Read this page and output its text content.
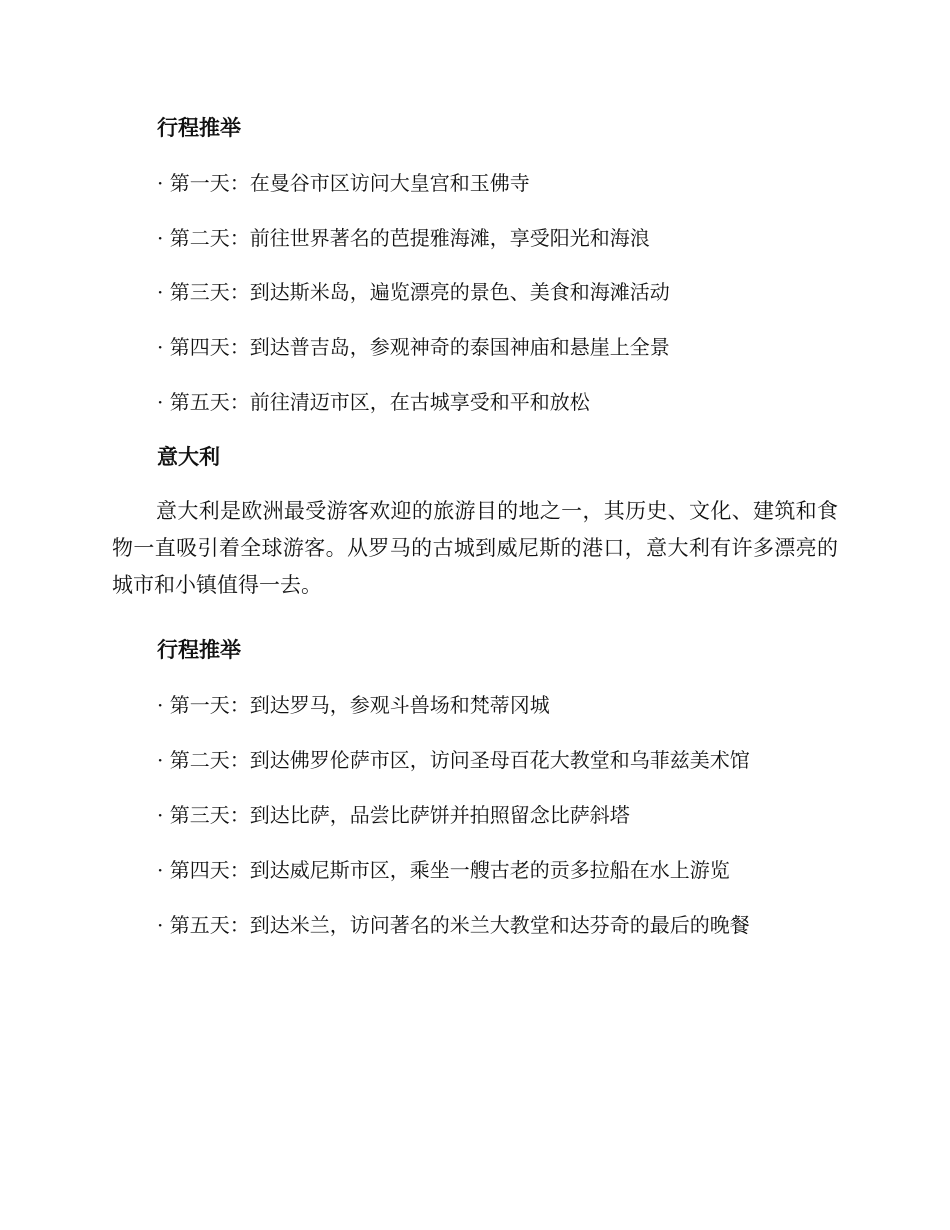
行程推举
· 第一天：在曼谷市区访问大皇宫和玉佛寺
· 第二天：前往世界著名的芭提雅海滩，享受阳光和海浪
· 第三天：到达斯米岛，遍览漂亮的景色、美食和海滩活动
· 第四天：到达普吉岛，参观神奇的泰国神庙和悬崖上全景
· 第五天：前往清迈市区，在古城享受和平和放松
意大利
意大利是欧洲最受游客欢迎的旅游目的地之一，其历史、文化、建筑和食物一直吸引着全球游客。从罗马的古城到威尼斯的港口，意大利有许多漂亮的城市和小镇值得一去。
行程推举
· 第一天：到达罗马，参观斗兽场和梵蒂冈城
· 第二天：到达佛罗伦萨市区，访问圣母百花大教堂和乌菲兹美术馆
· 第三天：到达比萨，品尝比萨饼并拍照留念比萨斜塔
· 第四天：到达威尼斯市区，乘坐一艘古老的贡多拉船在水上游览
· 第五天：到达米兰，访问著名的米兰大教堂和达芬奇的最后的晚餐
